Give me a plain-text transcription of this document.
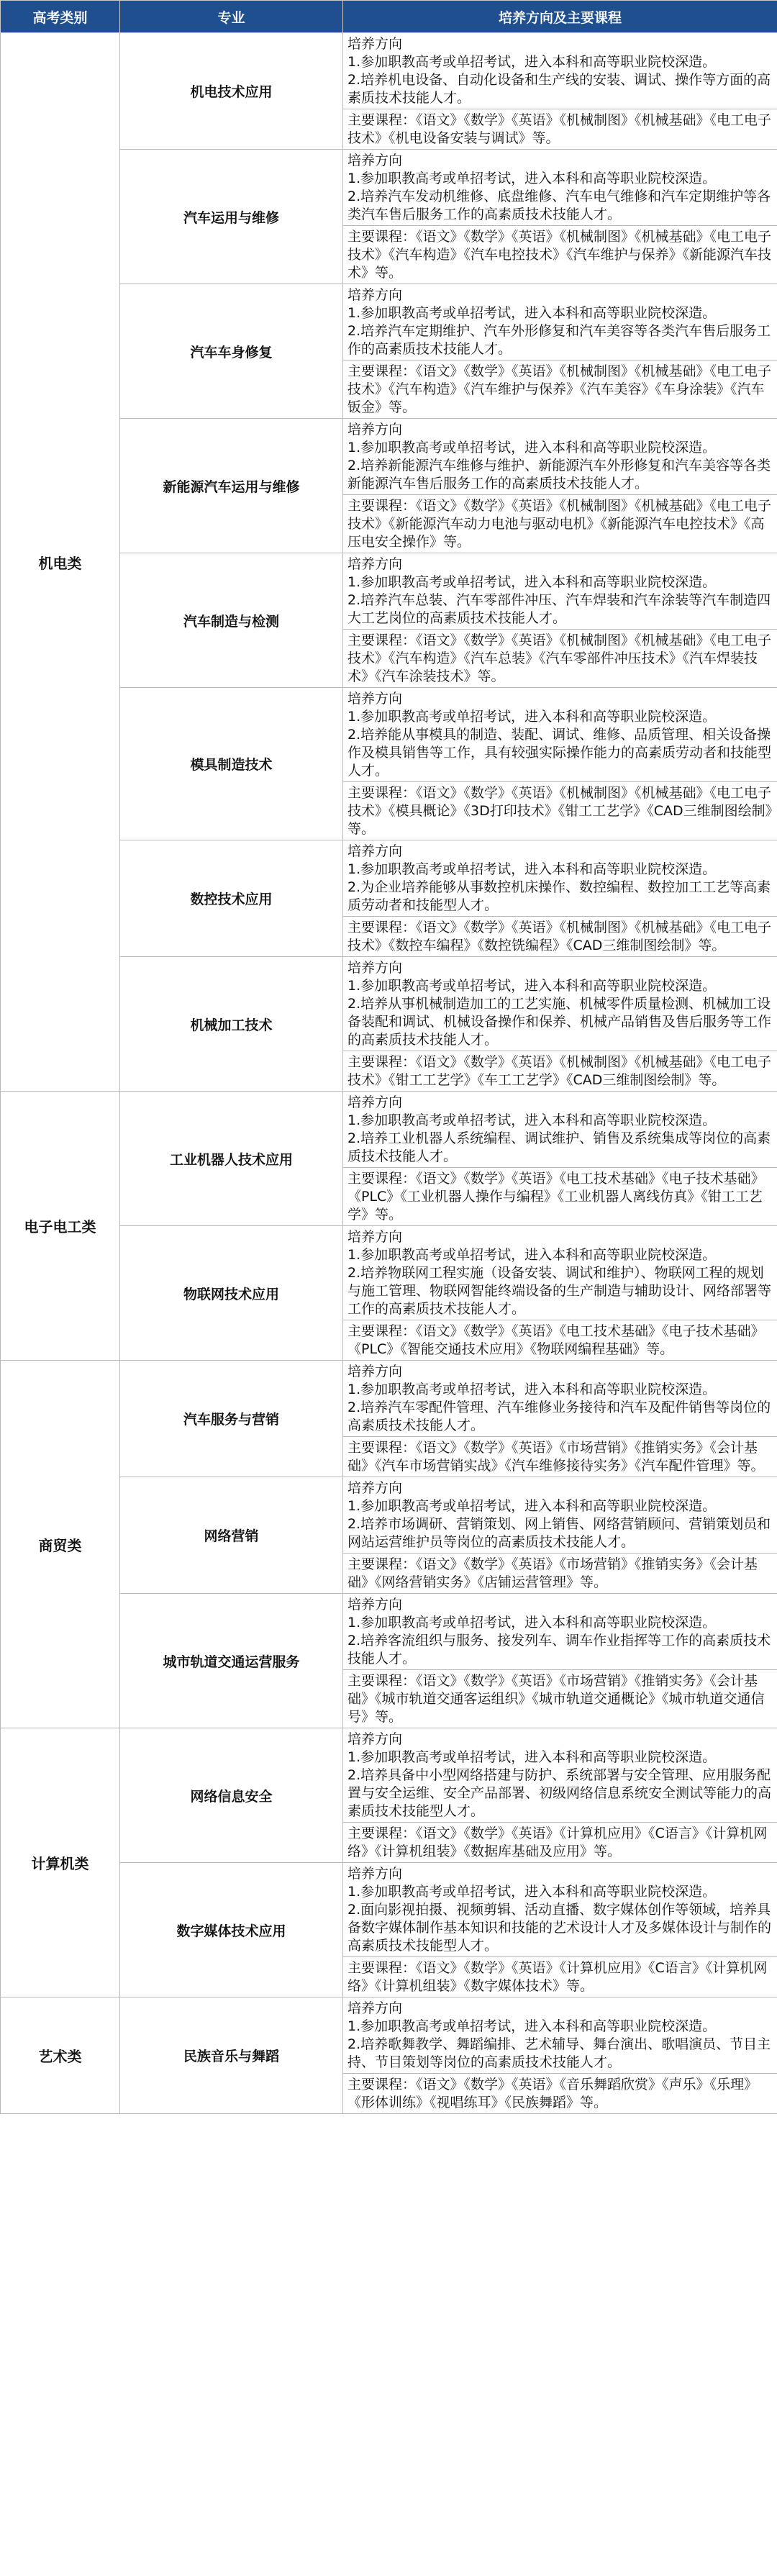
高考类别	专业	培养方向及主要课程
机电类	机电技术应用	培养方向
1.参加职教高考或单招考试，进入本科和高等职业院校深造。
2.培养机电设备、自动化设备和生产线的安装、调试、操作等方面的高素质技术技能人才。

		主要课程：《语文》《数学》《英语》《机械制图》《机械基础》《电工电子技术》《机电设备安装与调试》等。
	汽车运用与维修	培养方向
1.参加职教高考或单招考试，进入本科和高等职业院校深造。
2.培养汽车发动机维修、底盘维修、汽车电气维修和汽车定期维护等各类汽车售后服务工作的高素质技术技能人才。

		主要课程：《语文》《数学》《英语》《机械制图》《机械基础》《电工电子技术》《汽车构造》《汽车电控技术》《汽车维护与保养》《新能源汽车技术》等。
	汽车车身修复	培养方向
1.参加职教高考或单招考试，进入本科和高等职业院校深造。
2.培养汽车定期维护、汽车外形修复和汽车美容等各类汽车售后服务工作的高素质技术技能人才。

		主要课程：《语文》《数学》《英语》《机械制图》《机械基础》《电工电子技术》《汽车构造》《汽车维护与保养》《汽车美容》《车身涂装》《汽车钣金》等。
	新能源汽车运用与维修	培养方向
1.参加职教高考或单招考试，进入本科和高等职业院校深造。
2.培养新能源汽车维修与维护、新能源汽车外形修复和汽车美容等各类新能源汽车售后服务工作的高素质技术技能人才。

		主要课程：《语文》《数学》《英语》《机械制图》《机械基础》《电工电子技术》《新能源汽车动力电池与驱动电机》《新能源汽车电控技术》《高压电安全操作》等。
	汽车制造与检测	培养方向
1.参加职教高考或单招考试，进入本科和高等职业院校深造。
2.培养汽车总装、汽车零部件冲压、汽车焊装和汽车涂装等汽车制造四大工艺岗位的高素质技术技能人才。

		主要课程：《语文》《数学》《英语》《机械制图》《机械基础》《电工电子技术》《汽车构造》《汽车总装》《汽车零部件冲压技术》《汽车焊装技术》《汽车涂装技术》等。
	模具制造技术	培养方向
1.参加职教高考或单招考试，进入本科和高等职业院校深造。
2.培养能从事模具的制造、装配、调试、维修、品质管理、相关设备操作及模具销售等工作，具有较强实际操作能力的高素质劳动者和技能型人才。

		主要课程：《语文》《数学》《英语》《机械制图》《机械基础》《电工电子技术》《模具概论》《3D打印技术》《钳工工艺学》《CAD三维制图绘制》等。
	数控技术应用	培养方向
1.参加职教高考或单招考试，进入本科和高等职业院校深造。
2.为企业培养能够从事数控机床操作、数控编程、数控加工工艺等高素质劳动者和技能型人才。

		主要课程：《语文》《数学》《英语》《机械制图》《机械基础》《电工电子技术》《数控车编程》《数控铣编程》《CAD三维制图绘制》等。
	机械加工技术	培养方向
1.参加职教高考或单招考试，进入本科和高等职业院校深造。
2.培养从事机械制造加工的工艺实施、机械零件质量检测、机械加工设备装配和调试、机械设备操作和保养、机械产品销售及售后服务等工作的高素质技术技能人才。

		主要课程：《语文》《数学》《英语》《机械制图》《机械基础》《电工电子技术》《钳工工艺学》《车工工艺学》《CAD三维制图绘制》等。
电子电工类	工业机器人技术应用	培养方向
1.参加职教高考或单招考试，进入本科和高等职业院校深造。
2.培养工业机器人系统编程、调试维护、销售及系统集成等岗位的高素质技术技能人才。

		主要课程：《语文》《数学》《英语》《电工技术基础》《电子技术基础》《PLC》《工业机器人操作与编程》《工业机器人离线仿真》《钳工工艺学》等。
	物联网技术应用	培养方向
1.参加职教高考或单招考试，进入本科和高等职业院校深造。
2.培养物联网工程实施（设备安装、调试和维护）、物联网工程的规划与施工管理、物联网智能终端设备的生产制造与辅助设计、网络部署等工作的高素质技术技能人才。

		主要课程：《语文》《数学》《英语》《电工技术基础》《电子技术基础》《PLC》《智能交通技术应用》《物联网编程基础》等。
商贸类	汽车服务与营销	培养方向
1.参加职教高考或单招考试，进入本科和高等职业院校深造。
2.培养汽车零配件管理、汽车维修业务接待和汽车及配件销售等岗位的高素质技术技能人才。

		主要课程：《语文》《数学》《英语》《市场营销》《推销实务》《会计基础》《汽车市场营销实战》《汽车维修接待实务》《汽车配件管理》等。
	网络营销	培养方向
1.参加职教高考或单招考试，进入本科和高等职业院校深造。
2.培养市场调研、营销策划、网上销售、网络营销顾问、营销策划员和网站运营维护员等岗位的高素质技术技能人才。

		主要课程：《语文》《数学》《英语》《市场营销》《推销实务》《会计基础》《网络营销实务》《店铺运营管理》等。
	城市轨道交通运营服务	培养方向
1.参加职教高考或单招考试，进入本科和高等职业院校深造。
2.培养客流组织与服务、接发列车、调车作业指挥等工作的高素质技术技能人才。

		主要课程：《语文》《数学》《英语》《市场营销》《推销实务》《会计基础》《城市轨道交通客运组织》《城市轨道交通概论》《城市轨道交通信号》等。
计算机类	网络信息安全	培养方向
1.参加职教高考或单招考试，进入本科和高等职业院校深造。
2.培养具备中小型网络搭建与防护、系统部署与安全管理、应用服务配置与安全运维、安全产品部署、初级网络信息系统安全测试等能力的高素质技术技能型人才。

		主要课程：《语文》《数学》《英语》《计算机应用》《C语言》《计算机网络》《计算机组装》《数据库基础及应用》等。
	数字媒体技术应用	培养方向
1.参加职教高考或单招考试，进入本科和高等职业院校深造。
2.面向影视拍摄、视频剪辑、活动直播、数字媒体创作等领域，培养具备数字媒体制作基本知识和技能的艺术设计人才及多媒体设计与制作的高素质技术技能型人才。

		主要课程：《语文》《数学》《英语》《计算机应用》《C语言》《计算机网络》《计算机组装》《数字媒体技术》等。
艺术类	民族音乐与舞蹈	培养方向
1.参加职教高考或单招考试，进入本科和高等职业院校深造。
2.培养歌舞教学、舞蹈编排、艺术辅导、舞台演出、歌唱演员、节目主持、节目策划等岗位的高素质技术技能人才。

		主要课程：《语文》《数学》《英语》《音乐舞蹈欣赏》《声乐》《乐理》《形体训练》《视唱练耳》《民族舞蹈》等。
